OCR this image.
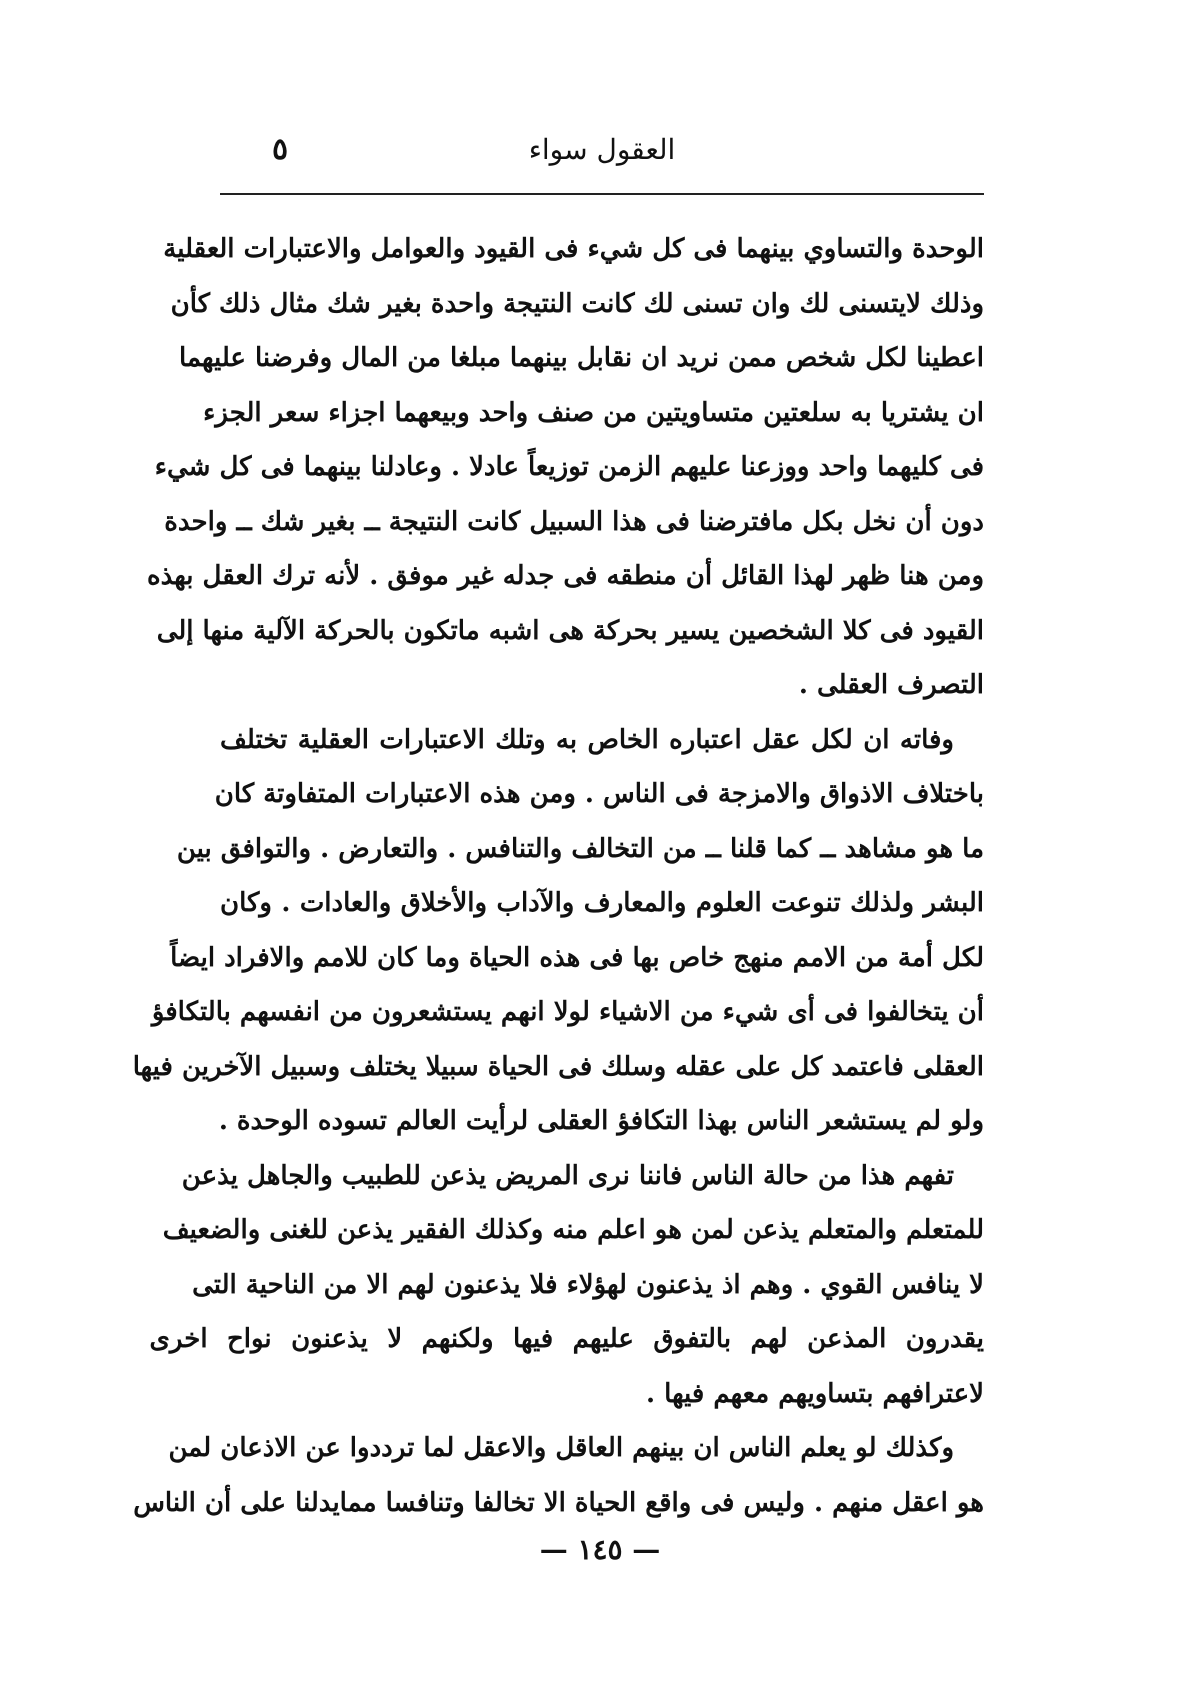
العقول سواء
٥
الوحدة والتساوي بينهما فى كل شيء فى القيود والعوامل والاعتبارات العقلية
وذلك لايتسنى لك وان تسنى لك كانت النتيجة واحدة بغير شك مثال ذلك كأن
اعطينا لكل شخص ممن نريد ان نقابل بينهما مبلغا من المال وفرضنا عليهما
ان يشتريا به سلعتين متساويتين من صنف واحد وبيعهما اجزاء سعر الجزء
فى كليهما واحد ووزعنا عليهم الزمن توزيعاً عادلا . وعادلنا بينهما فى كل شيء
دون أن نخل بكل مافترضنا فى هذا السبيل كانت النتيجة ــ بغير شك ــ واحدة
ومن هنا ظهر لهذا القائل أن منطقه فى جدله غير موفق . لأنه ترك العقل بهذه
القيود فى كلا الشخصين يسير بحركة هى اشبه ماتكون بالحركة الآلية منها إلى
التصرف العقلى .
وفاته ان لكل عقل اعتباره الخاص به وتلك الاعتبارات العقلية تختلف
باختلاف الاذواق والامزجة فى الناس . ومن هذه الاعتبارات المتفاوتة كان
ما هو مشاهد ــ كما قلنا ــ من التخالف والتنافس . والتعارض . والتوافق بين
البشر ولذلك تنوعت العلوم والمعارف والآداب والأخلاق والعادات . وكان
لكل أمة من الامم منهج خاص بها فى هذه الحياة وما كان للامم والافراد ايضاً
أن يتخالفوا فى أى شيء من الاشياء لولا انهم يستشعرون من انفسهم بالتكافؤ
العقلى فاعتمد كل على عقله وسلك فى الحياة سبيلا يختلف وسبيل الآخرين فيها
ولو لم يستشعر الناس بهذا التكافؤ العقلى لرأيت العالم تسوده الوحدة .
تفهم هذا من حالة الناس فاننا نرى المريض يذعن للطبيب والجاهل يذعن
للمتعلم والمتعلم يذعن لمن هو اعلم منه وكذلك الفقير يذعن للغنى والضعيف
لا ينافس القوي . وهم اذ يذعنون لهؤلاء فلا يذعنون لهم الا من الناحية التى
يقدرون المذعن لهم بالتفوق عليهم فيها ولكنهم لا يذعنون نواح اخرى
لاعترافهم بتساويهم معهم فيها .
وكذلك لو يعلم الناس ان بينهم العاقل والاعقل لما ترددوا عن الاذعان لمن
هو اعقل منهم . وليس فى واقع الحياة الا تخالفا وتنافسا ممايدلنا على أن الناس
— ١٤٥ —
